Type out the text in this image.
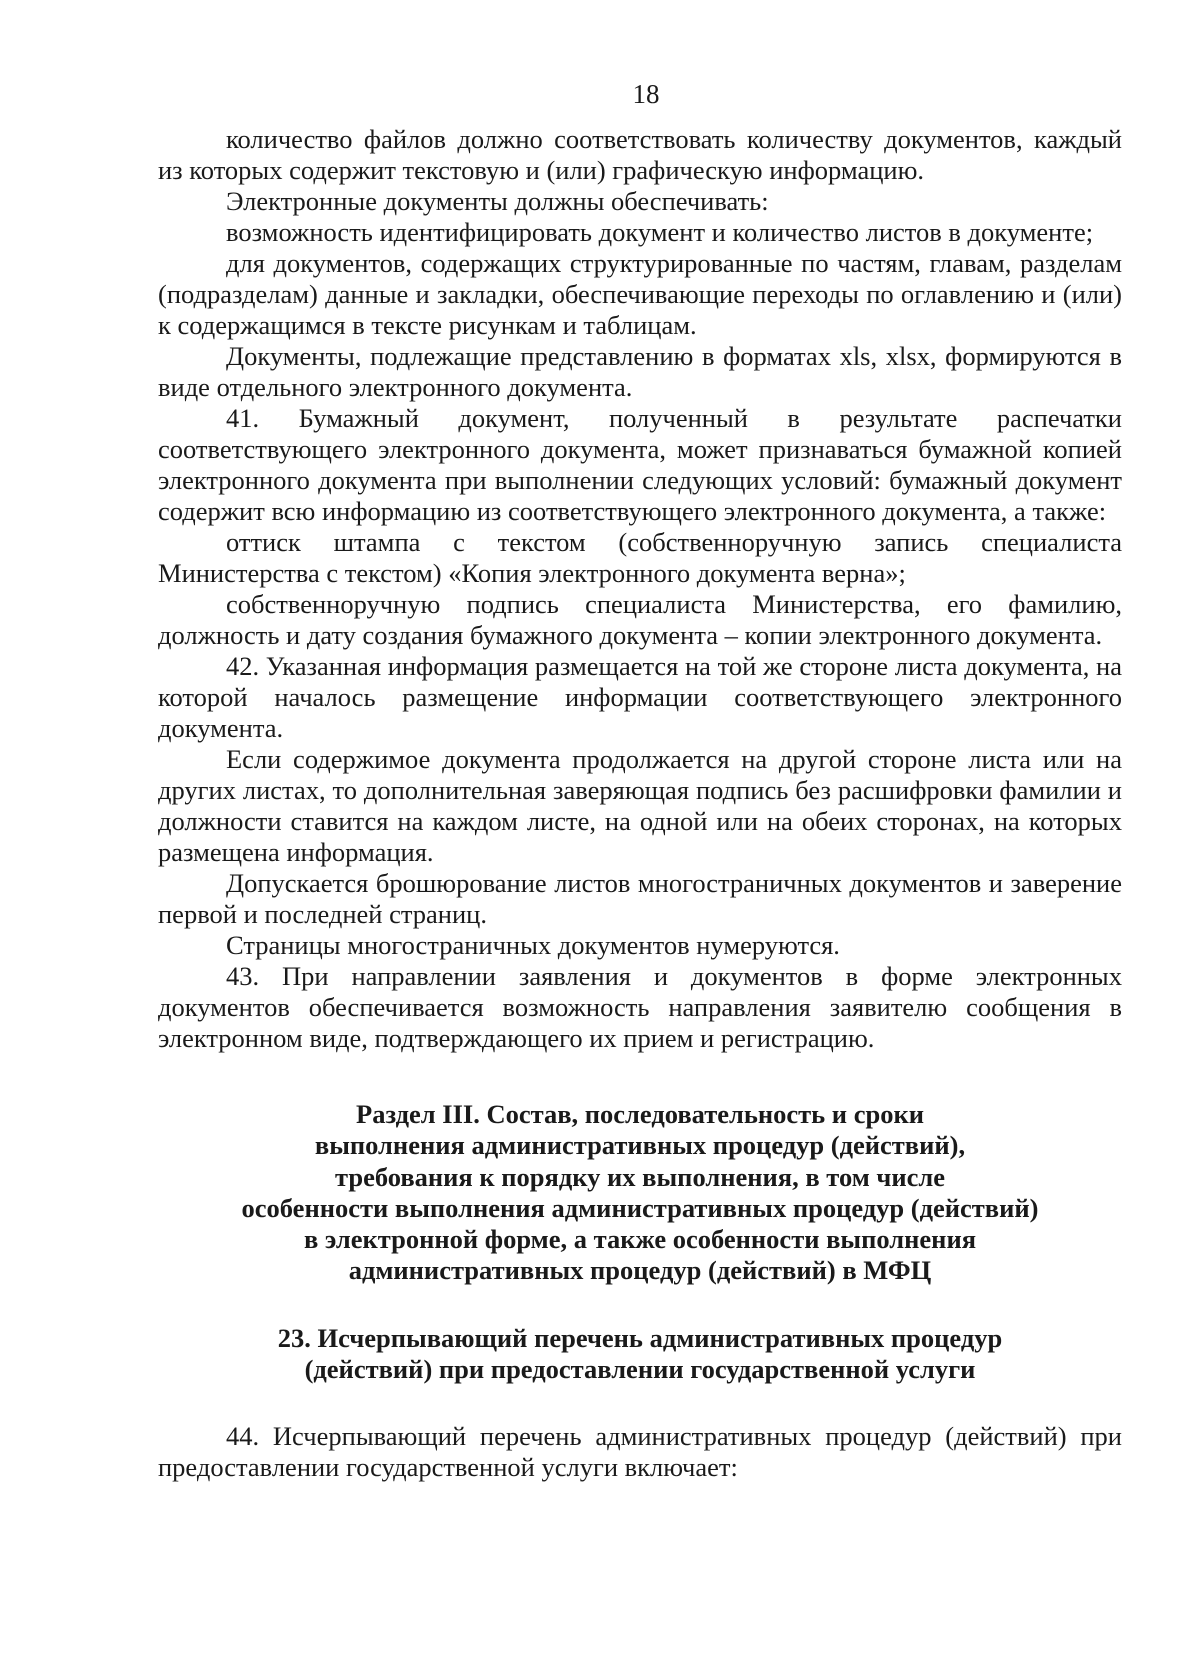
18

количество файлов должно соответствовать количеству документов, каждый из которых содержит текстовую и (или) графическую информацию.

Электронные документы должны обеспечивать:

возможность идентифицировать документ и количество листов в документе;

для документов, содержащих структурированные по частям, главам, разделам (подразделам) данные и закладки, обеспечивающие переходы по оглавлению и (или) к содержащимся в тексте рисункам и таблицам.

Документы, подлежащие представлению в форматах xls, xlsx, формируются в виде отдельного электронного документа.

41. Бумажный документ, полученный в результате распечатки соответствующего электронного документа, может признаваться бумажной копией электронного документа при выполнении следующих условий: бумажный документ содержит всю информацию из соответствующего электронного документа, а также:

оттиск штампа с текстом (собственноручную запись специалиста Министерства с текстом) «Копия электронного документа верна»;

собственноручную подпись специалиста Министерства, его фамилию, должность и дату создания бумажного документа – копии электронного документа.

42. Указанная информация размещается на той же стороне листа документа, на которой началось размещение информации соответствующего электронного документа.

Если содержимое документа продолжается на другой стороне листа или на других листах, то дополнительная заверяющая подпись без расшифровки фамилии и должности ставится на каждом листе, на одной или на обеих сторонах, на которых размещена информация.

Допускается брошюрование листов многостраничных документов и заверение первой и последней страниц.

Страницы многостраничных документов нумеруются.

43. При направлении заявления и документов в форме электронных документов обеспечивается возможность направления заявителю сообщения в электронном виде, подтверждающего их прием и регистрацию.

Раздел III. Состав, последовательность и сроки
выполнения административных процедур (действий),
требования к порядку их выполнения, в том числе
особенности выполнения административных процедур (действий)
в электронной форме, а также особенности выполнения
административных процедур (действий) в МФЦ
23. Исчерпывающий перечень административных процедур
(действий) при предоставлении государственной услуги

44. Исчерпывающий перечень административных процедур (действий) при предоставлении государственной услуги включает:
